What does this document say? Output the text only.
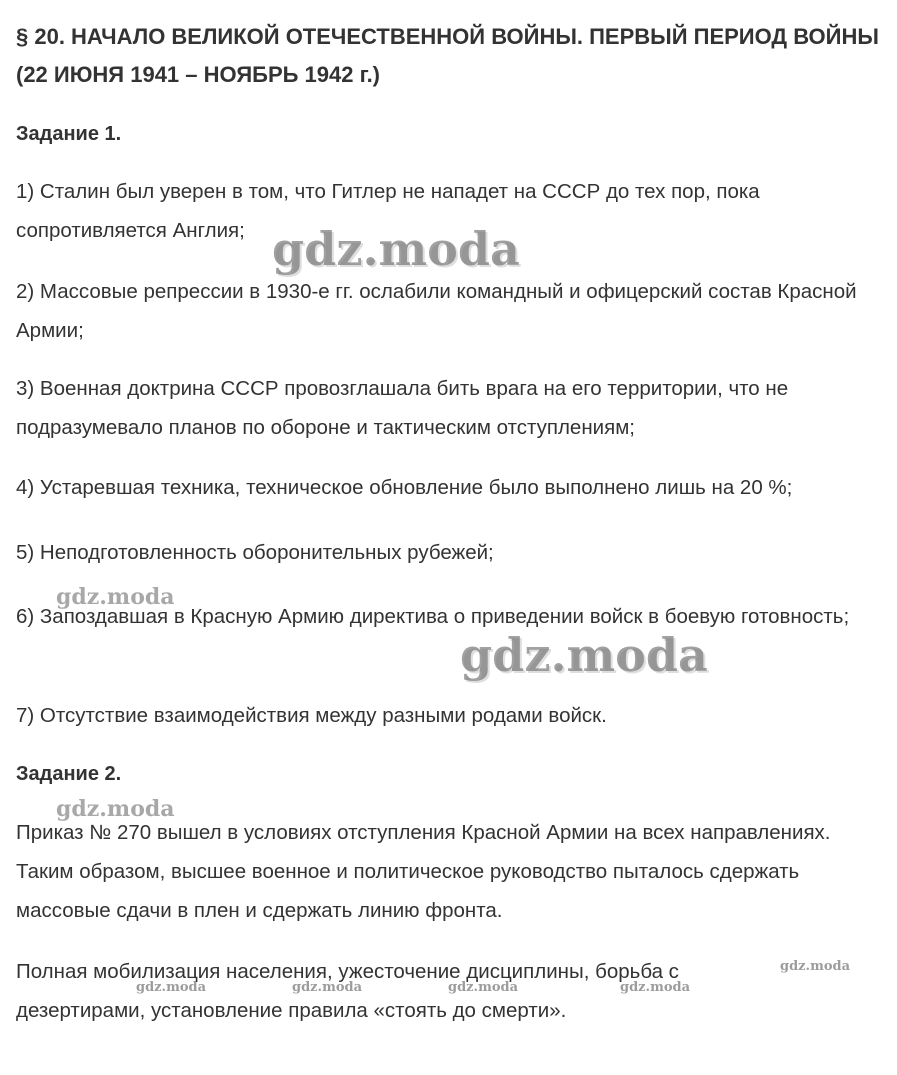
§ 20. НАЧАЛО ВЕЛИКОЙ ОТЕЧЕСТВЕННОЙ ВОЙНЫ. ПЕРВЫЙ ПЕРИОД ВОЙНЫ (22 ИЮНЯ 1941 – НОЯБРЬ 1942 г.)
Задание 1.

1) Сталин был уверен в том, что Гитлер не нападет на СССР до тех пор, пока сопротивляется Англия;

2) Массовые репрессии в 1930-е гг. ослабили командный и офицерский состав Красной Армии;

3) Военная доктрина СССР провозглашала бить врага на его территории, что не подразумевало планов по обороне и тактическим отступлениям;

4) Устаревшая техника, техническое обновление было выполнено лишь на 20 %;

5) Неподготовленность оборонительных рубежей;

6) Запоздавшая в Красную Армию директива о приведении войск в боевую готовность;

7) Отсутствие взаимодействия между разными родами войск.

Задание 2.

Приказ № 270 вышел в условиях отступления Красной Армии на всех направлениях. Таким образом, высшее военное и политическое руководство пыталось сдержать массовые сдачи в плен и сдержать линию фронта.

Полная мобилизация населения, ужесточение дисциплины, борьба с дезертирами, установление правила «стоять до смерти».

gdz.moda
gdz.moda
gdz.moda
gdz.moda
gdz.moda
gdz.moda	gdz.moda	gdz.moda	gdz.moda
